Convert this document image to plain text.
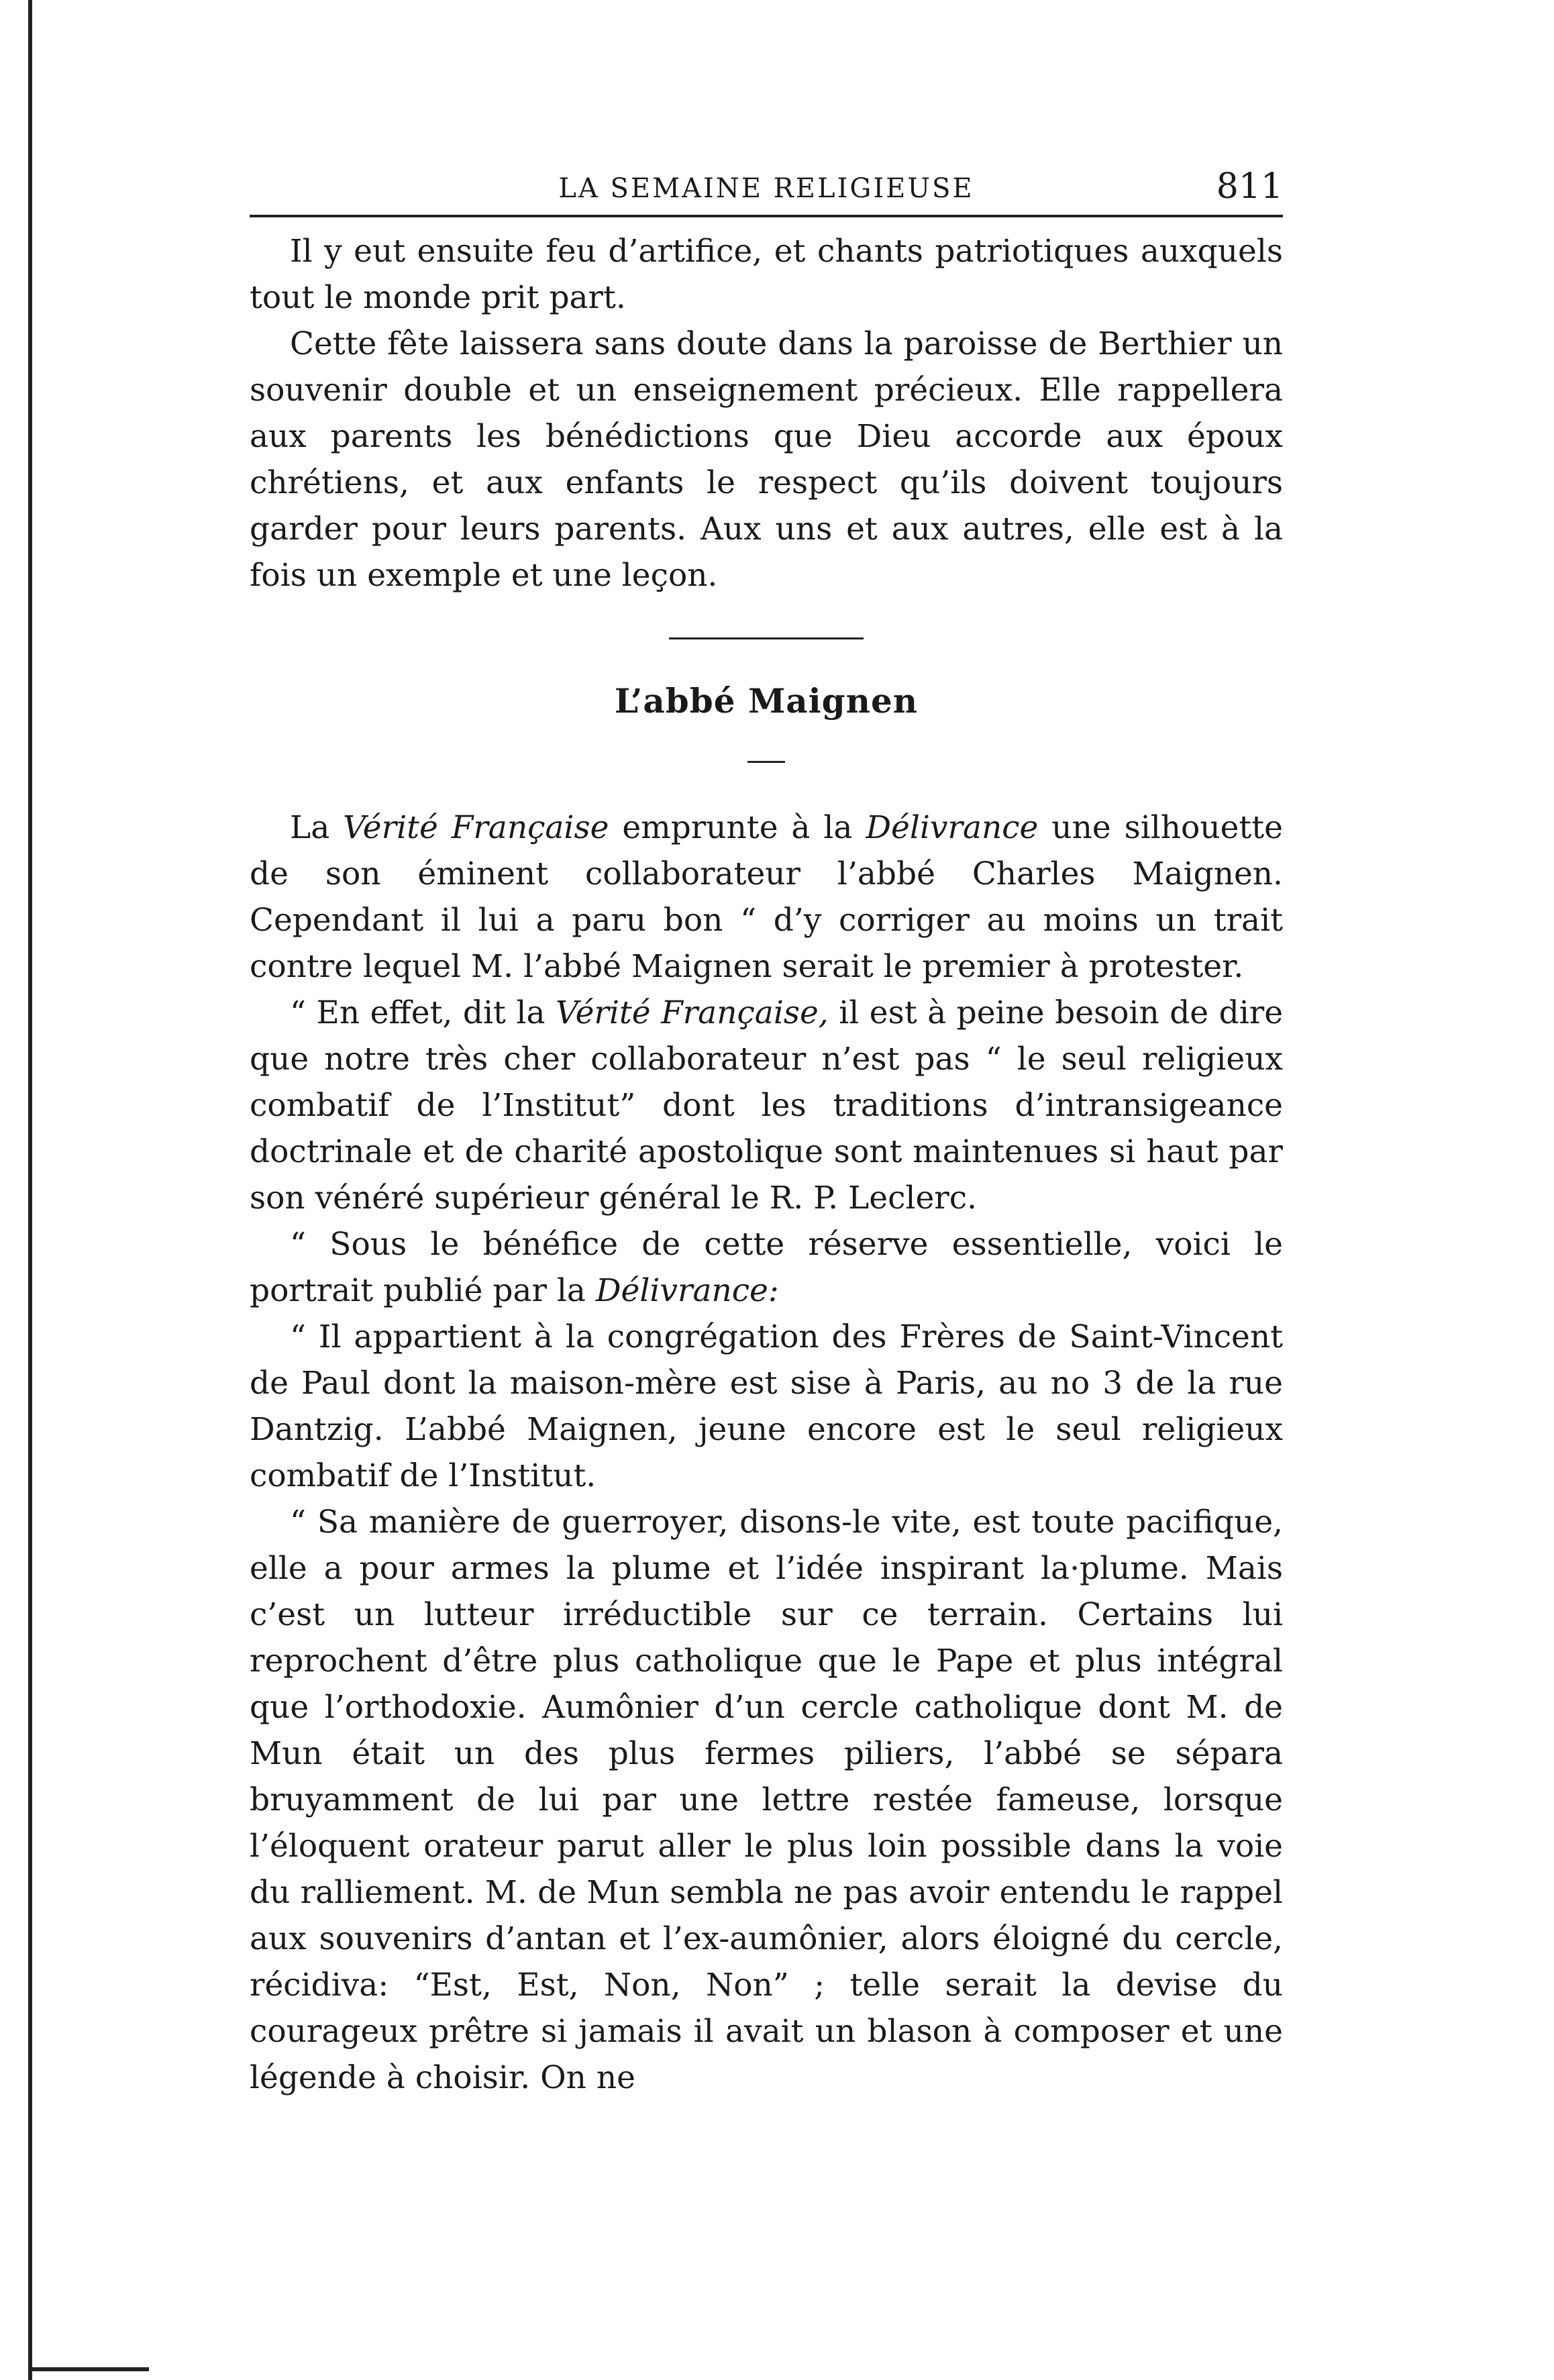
LA SEMAINE RELIGIEUSE	811

Il y eut ensuite feu d’artifice, et chants patriotiques auxquels tout le monde prit part.

Cette fête laissera sans doute dans la paroisse de Berthier un souvenir double et un enseignement précieux. Elle rappellera aux parents les bénédictions que Dieu accorde aux époux chrétiens, et aux enfants le respect qu’ils doivent toujours garder pour leurs parents. Aux uns et aux autres, elle est à la fois un exemple et une leçon.

L’abbé Maignen

La Vérité Française emprunte à la Délivrance une silhouette de son éminent collaborateur l’abbé Charles Maignen. Cependant il lui a paru bon “ d’y corriger au moins un trait contre lequel M. l’abbé Maignen serait le premier à protester.

“ En effet, dit la Vérité Française, il est à peine besoin de dire que notre très cher collaborateur n’est pas “ le seul religieux combatif de l’Institut” dont les traditions d’intransigeance doctrinale et de charité apostolique sont maintenues si haut par son vénéré supérieur général le R. P. Leclerc.

“ Sous le bénéfice de cette réserve essentielle, voici le portrait publié par la Délivrance:

“ Il appartient à la congrégation des Frères de Saint-Vincent de Paul dont la maison-mère est sise à Paris, au no 3 de la rue Dantzig. L’abbé Maignen, jeune encore est le seul religieux combatif de l’Institut.

“ Sa manière de guerroyer, disons-le vite, est toute pacifique, elle a pour armes la plume et l’idée inspirant la·plume. Mais c’est un lutteur irréductible sur ce terrain. Certains lui reprochent d’être plus catholique que le Pape et plus intégral que l’orthodoxie. Aumônier d’un cercle catholique dont M. de Mun était un des plus fermes piliers, l’abbé se sépara bruyamment de lui par une lettre restée fameuse, lorsque l’éloquent orateur parut aller le plus loin possible dans la voie du ralliement. M. de Mun sembla ne pas avoir entendu le rappel aux souvenirs d’antan et l’ex-aumônier, alors éloigné du cercle, récidiva: “Est, Est, Non, Non” ; telle serait la devise du courageux prêtre si jamais il avait un blason à composer et une légende à choisir. On ne
